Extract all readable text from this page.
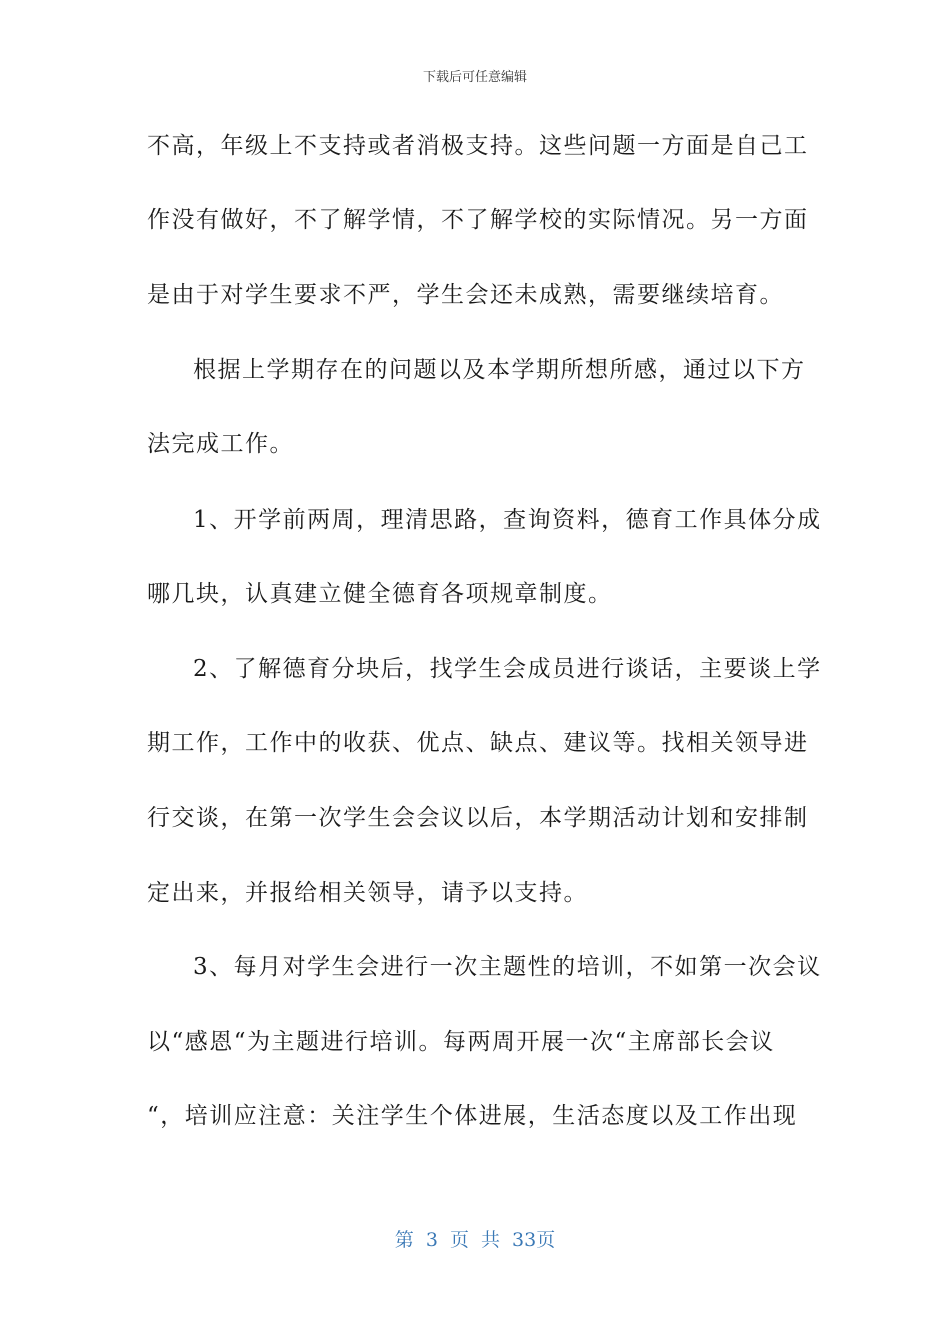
下载后可任意编辑
不高，年级上不支持或者消极支持。这些问题一方面是自己工
作没有做好，不了解学情，不了解学校的实际情况。另一方面
是由于对学生要求不严，学生会还未成熟，需要继续培育。
根据上学期存在的问题以及本学期所想所感，通过以下方
法完成工作。
1、开学前两周，理清思路，查询资料，德育工作具体分成
哪几块，认真建立健全德育各项规章制度。
2、了解德育分块后，找学生会成员进行谈话，主要谈上学
期工作，工作中的收获、优点、缺点、建议等。找相关领导进
行交谈，在第一次学生会会议以后，本学期活动计划和安排制
定出来，并报给相关领导，请予以支持。
3、每月对学生会进行一次主题性的培训，不如第一次会议
以“感恩“为主题进行培训。每两周开展一次“主席部长会议
“，培训应注意：关注学生个体进展，生活态度以及工作出现
第 3 页 共 33页
